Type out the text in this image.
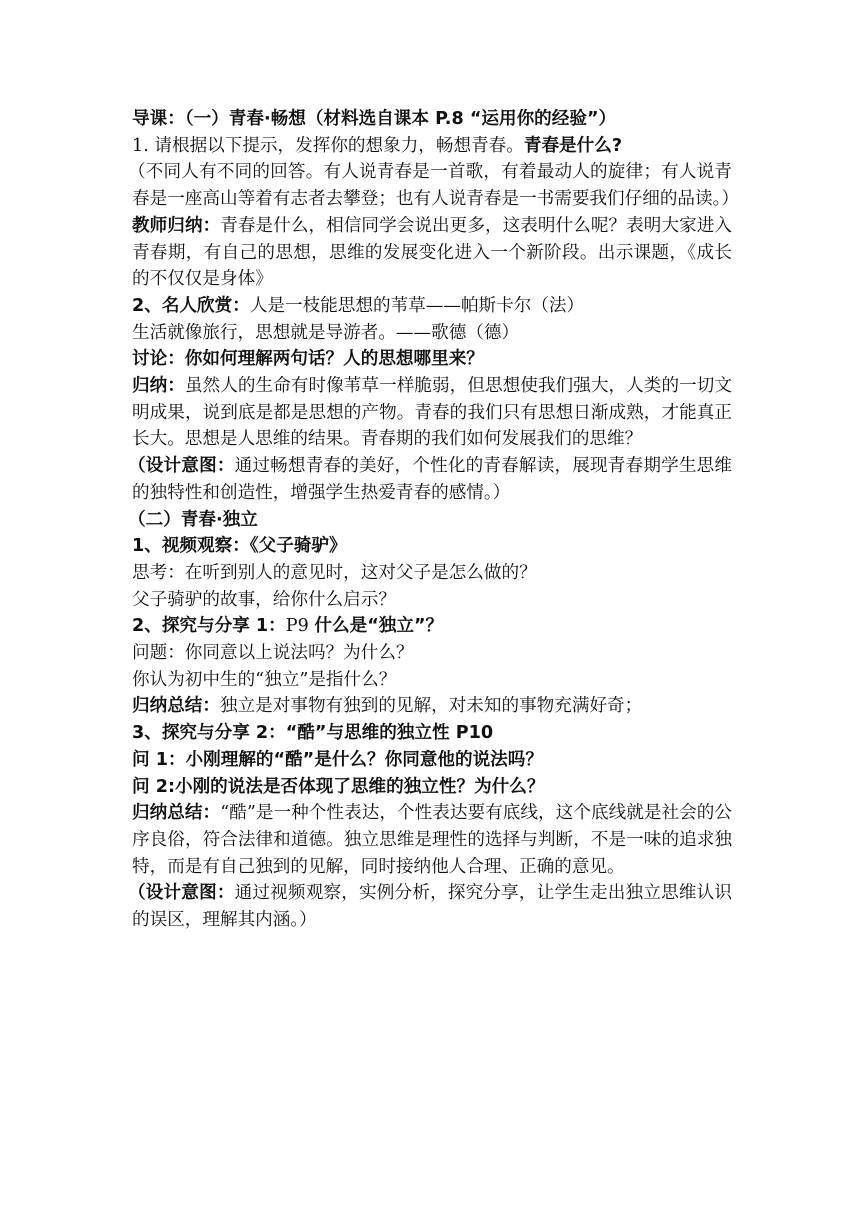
导课：（一）青春·畅想（材料选自课本 P.8 “运用你的经验”）

1. 请根据以下提示，发挥你的想象力，畅想青春。青春是什么?

（不同人有不同的回答。有人说青春是一首歌，有着最动人的旋律；有人说青春是一座高山等着有志者去攀登；也有人说青春是一书需要我们仔细的品读。）

教师归纳：青春是什么，相信同学会说出更多，这表明什么呢？表明大家进入青春期，有自己的思想，思维的发展变化进入一个新阶段。出示课题，《成长的不仅仅是身体》

2、名人欣赏：人是一枝能思想的苇草——帕斯卡尔（法）

生活就像旅行，思想就是导游者。——歌德（德）

讨论：你如何理解两句话？人的思想哪里来？

归纳：虽然人的生命有时像苇草一样脆弱，但思想使我们强大，人类的一切文明成果，说到底是都是思想的产物。青春的我们只有思想日渐成熟，才能真正长大。思想是人思维的结果。青春期的我们如何发展我们的思维？

（设计意图：通过畅想青春的美好，个性化的青春解读，展现青春期学生思维的独特性和创造性，增强学生热爱青春的感情。）

（二）青春·独立

1、视频观察：《父子骑驴》

思考：在听到别人的意见时，这对父子是怎么做的？

父子骑驴的故事，给你什么启示？

2、探究与分享 1：P9 什么是“独立”？

问题：你同意以上说法吗？为什么？

你认为初中生的“独立”是指什么？

归纳总结：独立是对事物有独到的见解，对未知的事物充满好奇；

3、探究与分享 2：“酷”与思维的独立性 P10

问 1：小刚理解的“酷”是什么？你同意他的说法吗？

问 2:小刚的说法是否体现了思维的独立性？为什么？

归纳总结：“酷”是一种个性表达，个性表达要有底线，这个底线就是社会的公序良俗，符合法律和道德。独立思维是理性的选择与判断，不是一味的追求独特，而是有自己独到的见解，同时接纳他人合理、正确的意见。

（设计意图：通过视频观察，实例分析，探究分享，让学生走出独立思维认识的误区，理解其内涵。）
